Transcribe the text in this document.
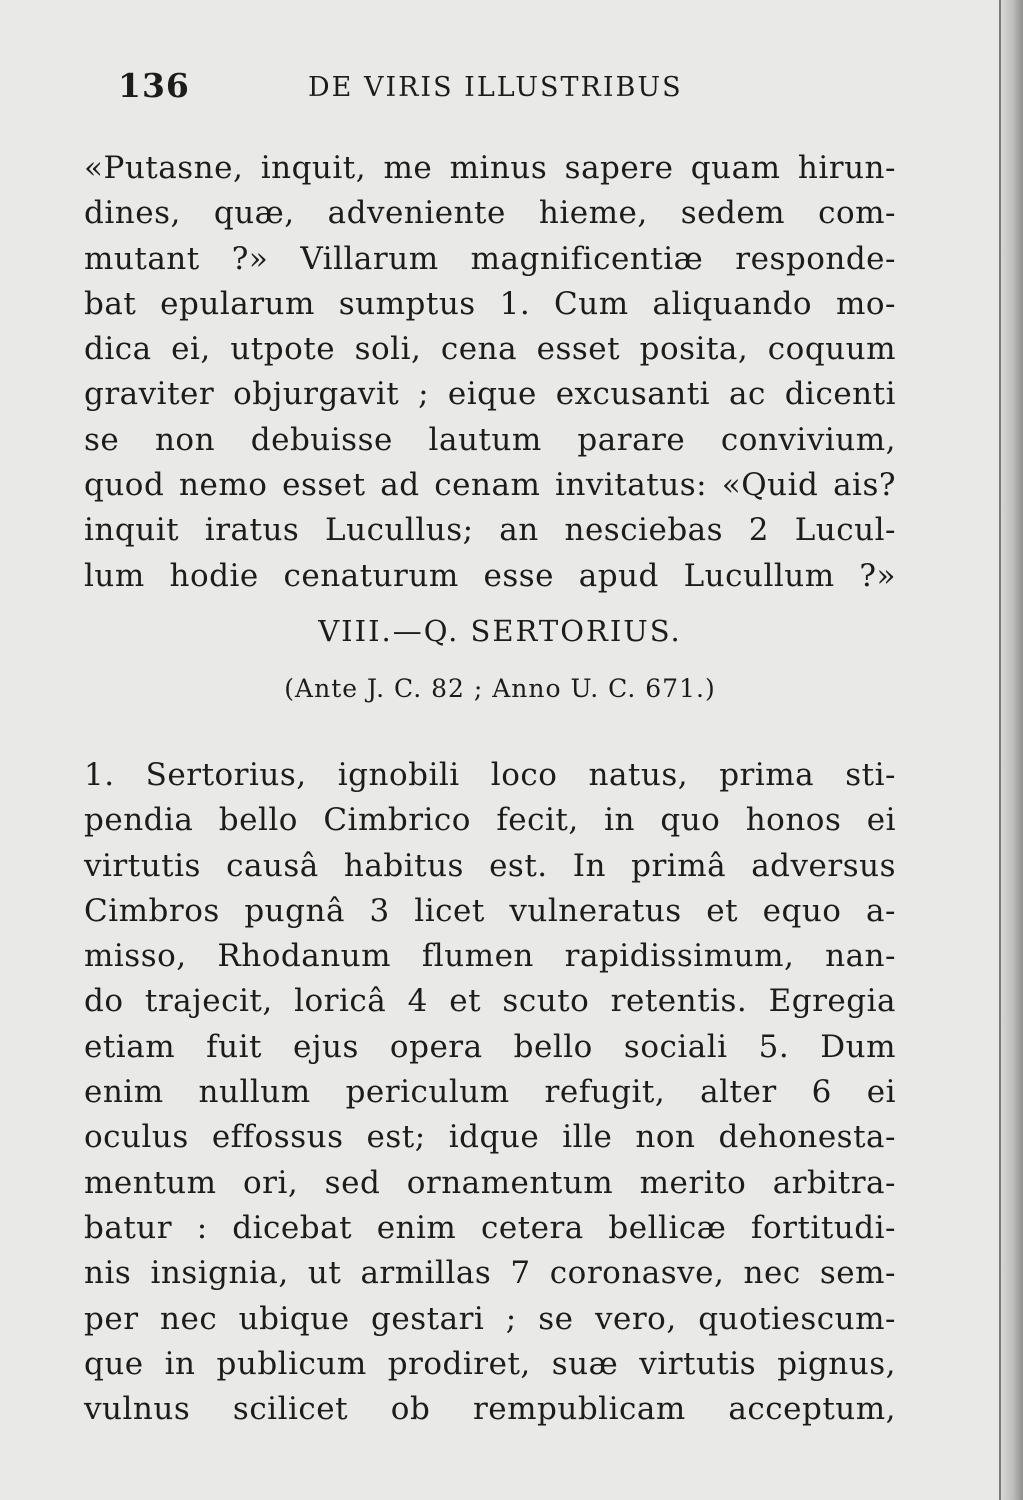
136	DE VIRIS ILLUSTRIBUS
«Putasne, inquit, me minus sapere quam hirun-
dines, quæ, adveniente hieme, sedem com-
mutant ?» Villarum magnificentiæ responde-
bat epularum sumptus 1. Cum aliquando mo-
dica ei, utpote soli, cena esset posita, coquum
graviter objurgavit ; eique excusanti ac dicenti
se non debuisse lautum parare convivium,
quod nemo esset ad cenam invitatus: «Quid ais?
inquit iratus Lucullus; an nesciebas 2 Lucul-
lum hodie cenaturum esse apud Lucullum ?»
VIII.—Q. SERTORIUS.
(Ante J. C. 82 ; Anno U. C. 671.)
1. Sertorius, ignobili loco natus, prima sti-
pendia bello Cimbrico fecit, in quo honos ei
virtutis causâ habitus est. In primâ adversus
Cimbros pugnâ 3 licet vulneratus et equo a-
misso, Rhodanum flumen rapidissimum, nan-
do trajecit, loricâ 4 et scuto retentis. Egregia
etiam fuit ejus opera bello sociali 5. Dum
enim nullum periculum refugit, alter 6 ei
oculus effossus est; idque ille non dehonesta-
mentum ori, sed ornamentum merito arbitra-
batur : dicebat enim cetera bellicæ fortitudi-
nis insignia, ut armillas 7 coronasve, nec sem-
per nec ubique gestari ; se vero, quotiescum-
que in publicum prodiret, suæ virtutis pignus,
vulnus scilicet ob rempublicam acceptum,
